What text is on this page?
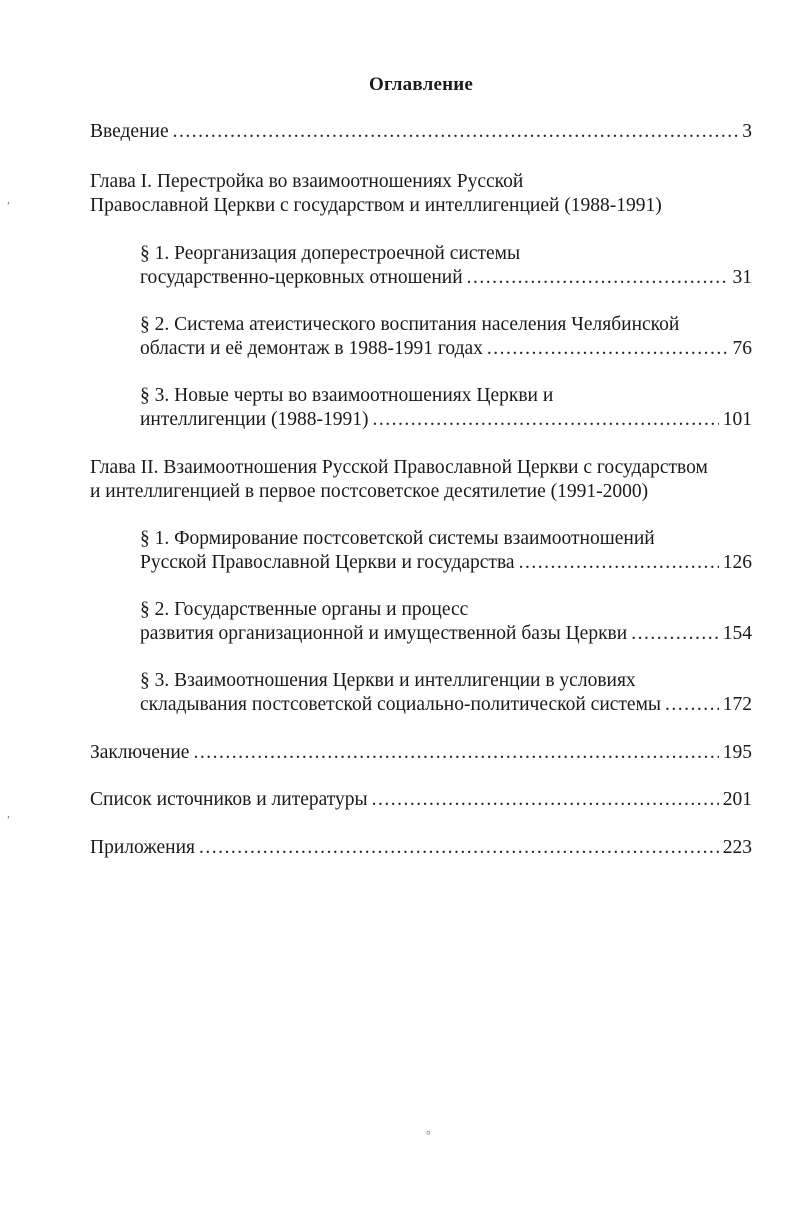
Оглавление
Введение .....	3
Глава I. Перестройка во взаимоотношениях Русской
Православной Церкви с государством и интеллигенцией (1988-1991)
§ 1. Реорганизация доперестроечной системы
государственно-церковных отношений .....	31
§ 2. Система атеистического воспитания населения Челябинской
области и её демонтаж в 1988-1991 годах .....	76
§ 3. Новые черты во взаимоотношениях Церкви и
интеллигенции (1988-1991) .....	101
Глава II. Взаимоотношения Русской Православной Церкви с государством
и интеллигенцией в первое постсоветское десятилетие (1991-2000)
§ 1. Формирование постсоветской системы взаимоотношений
Русской Православной Церкви и государства .....	126
§ 2. Государственные органы и процесс
развития организационной и имущественной базы Церкви .....	154
§ 3. Взаимоотношения Церкви и интеллигенции в условиях
складывания постсоветской социально-политической системы .....	172
Заключение .....	195
Список источников и литературы .....	201
Приложения .....	223
,
,
°
